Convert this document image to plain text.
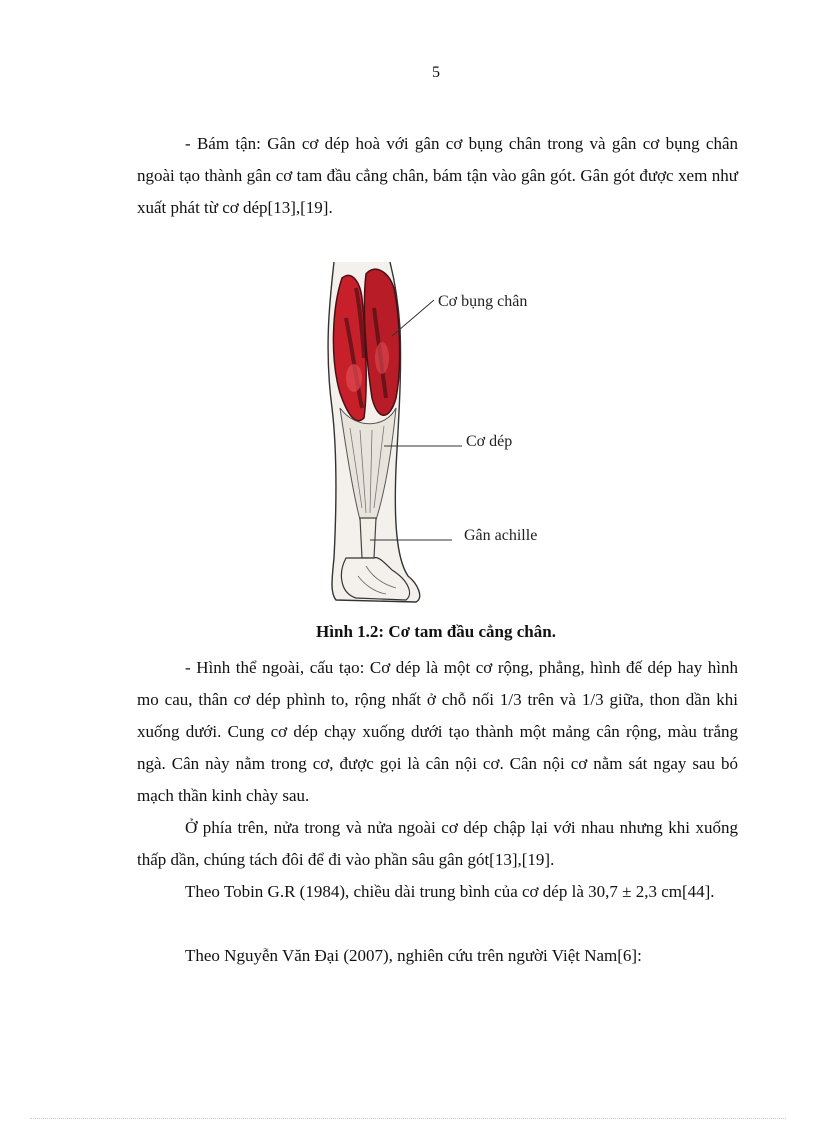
5

- Bám tận: Gân cơ dép hoà với gân cơ bụng chân trong và gân cơ bụng chân ngoài tạo thành gân cơ tam đầu cẳng chân, bám tận vào gân gót. Gân gót được xem như xuất phát từ cơ dép[13],[19].

Cơ bụng chân
Cơ dép
Gân achille
Hình 1.2: Cơ tam đầu cẳng chân.

- Hình thể ngoài, cấu tạo: Cơ dép là một cơ rộng, phẳng, hình đế dép hay hình mo cau, thân cơ dép phình to, rộng nhất ở chỗ nối 1/3 trên và 1/3 giữa, thon dần khi xuống dưới. Cung cơ dép chạy xuống dưới tạo thành một mảng cân rộng, màu trắng ngà. Cân này nằm trong cơ, được gọi là cân nội cơ. Cân nội cơ nằm sát ngay sau bó mạch thần kinh chày sau.

Ở phía trên, nửa trong và nửa ngoài cơ dép chập lại với nhau nhưng khi xuống thấp dần, chúng tách đôi để đi vào phần sâu gân gót[13],[19].

Theo Tobin G.R (1984), chiều dài trung bình của cơ dép là 30,7 ± 2,3 cm[44].

Theo Nguyễn Văn Đại (2007), nghiên cứu trên người Việt Nam[6]:
